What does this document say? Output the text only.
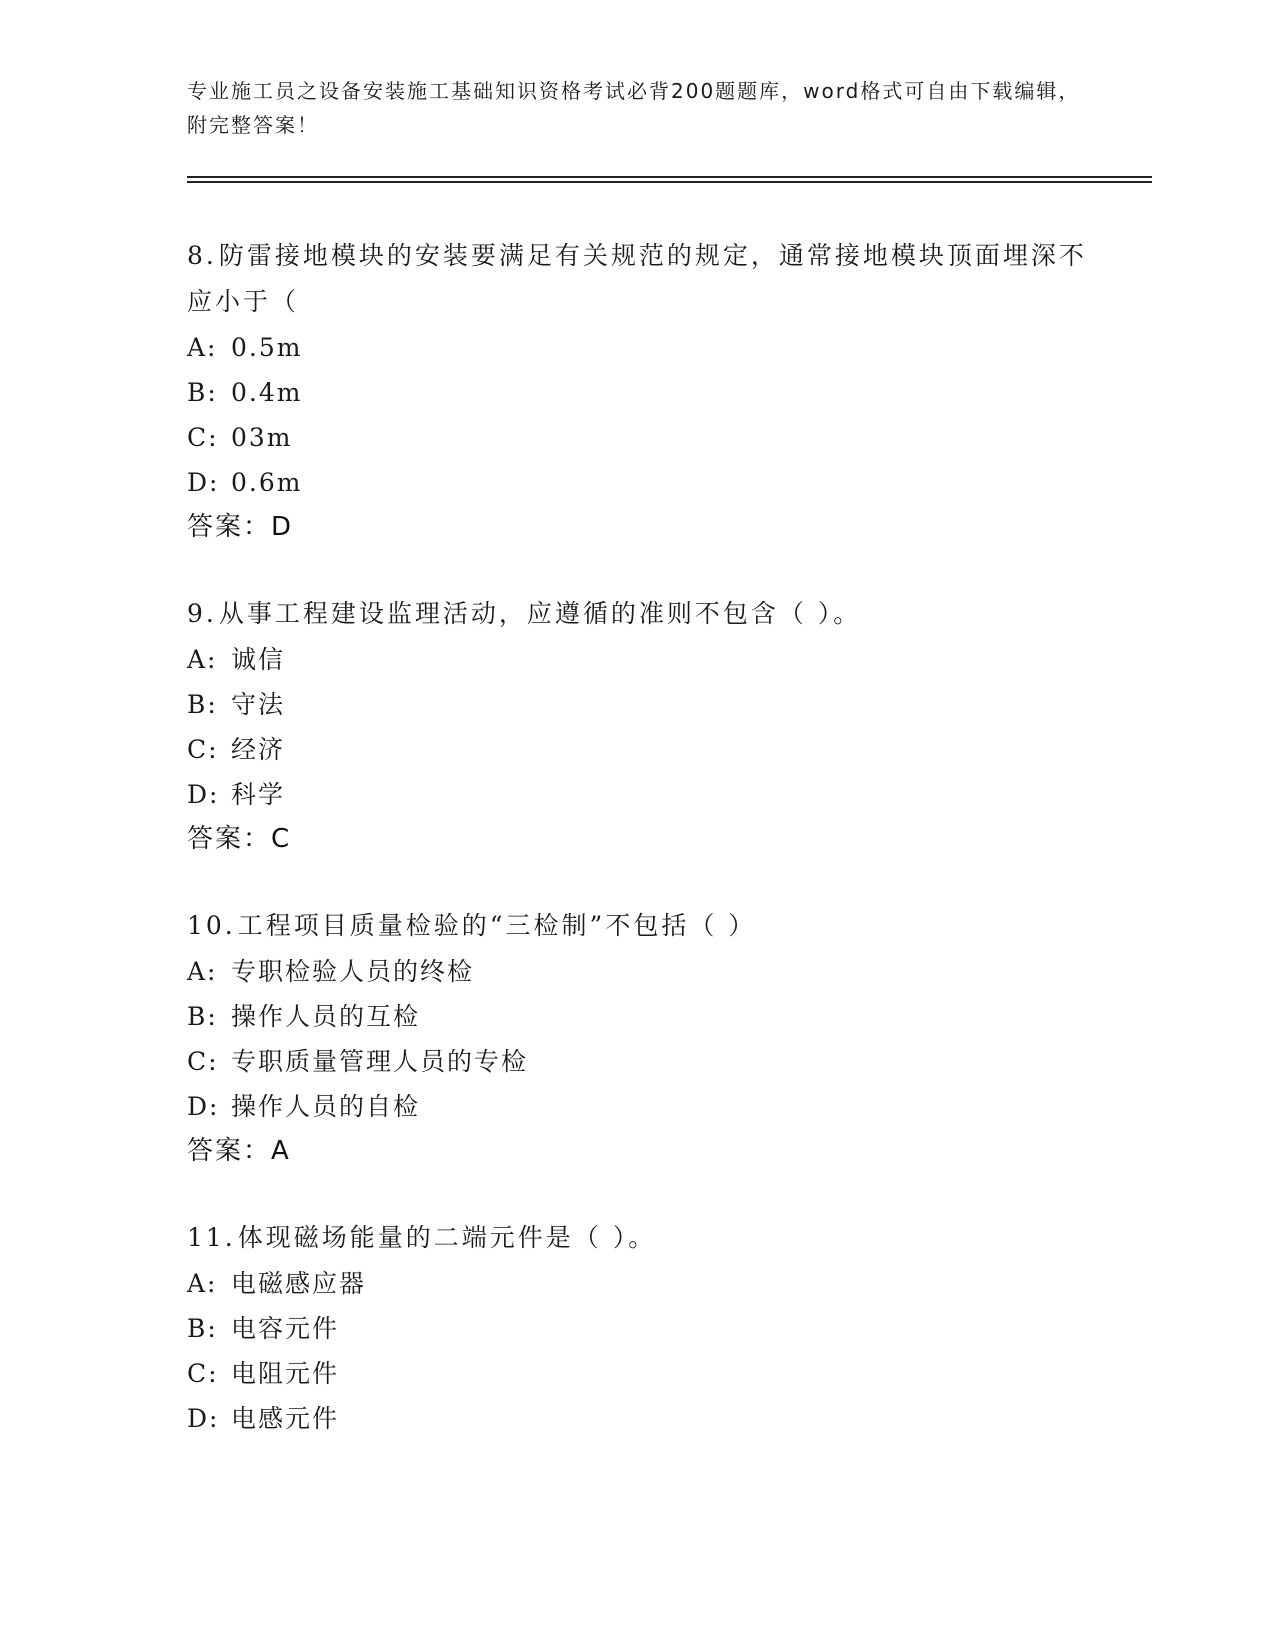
专业施工员之设备安装施工基础知识资格考试必背200题题库，word格式可自由下载编辑，附完整答案！

8.防雷接地模块的安装要满足有关规范的规定，通常接地模块顶面埋深不应小于（

A: 0.5m
B: 0.4m
C: 03m
D: 0.6m
答案：D

9.从事工程建设监理活动，应遵循的准则不包含（ ）。

A: 诚信
B: 守法
C: 经济
D: 科学
答案：C

10.工程项目质量检验的“三检制”不包括（ ）

A: 专职检验人员的终检
B: 操作人员的互检
C: 专职质量管理人员的专检
D: 操作人员的自检
答案：A

11.体现磁场能量的二端元件是（ ）。

A: 电磁感应器
B: 电容元件
C: 电阻元件
D: 电感元件
